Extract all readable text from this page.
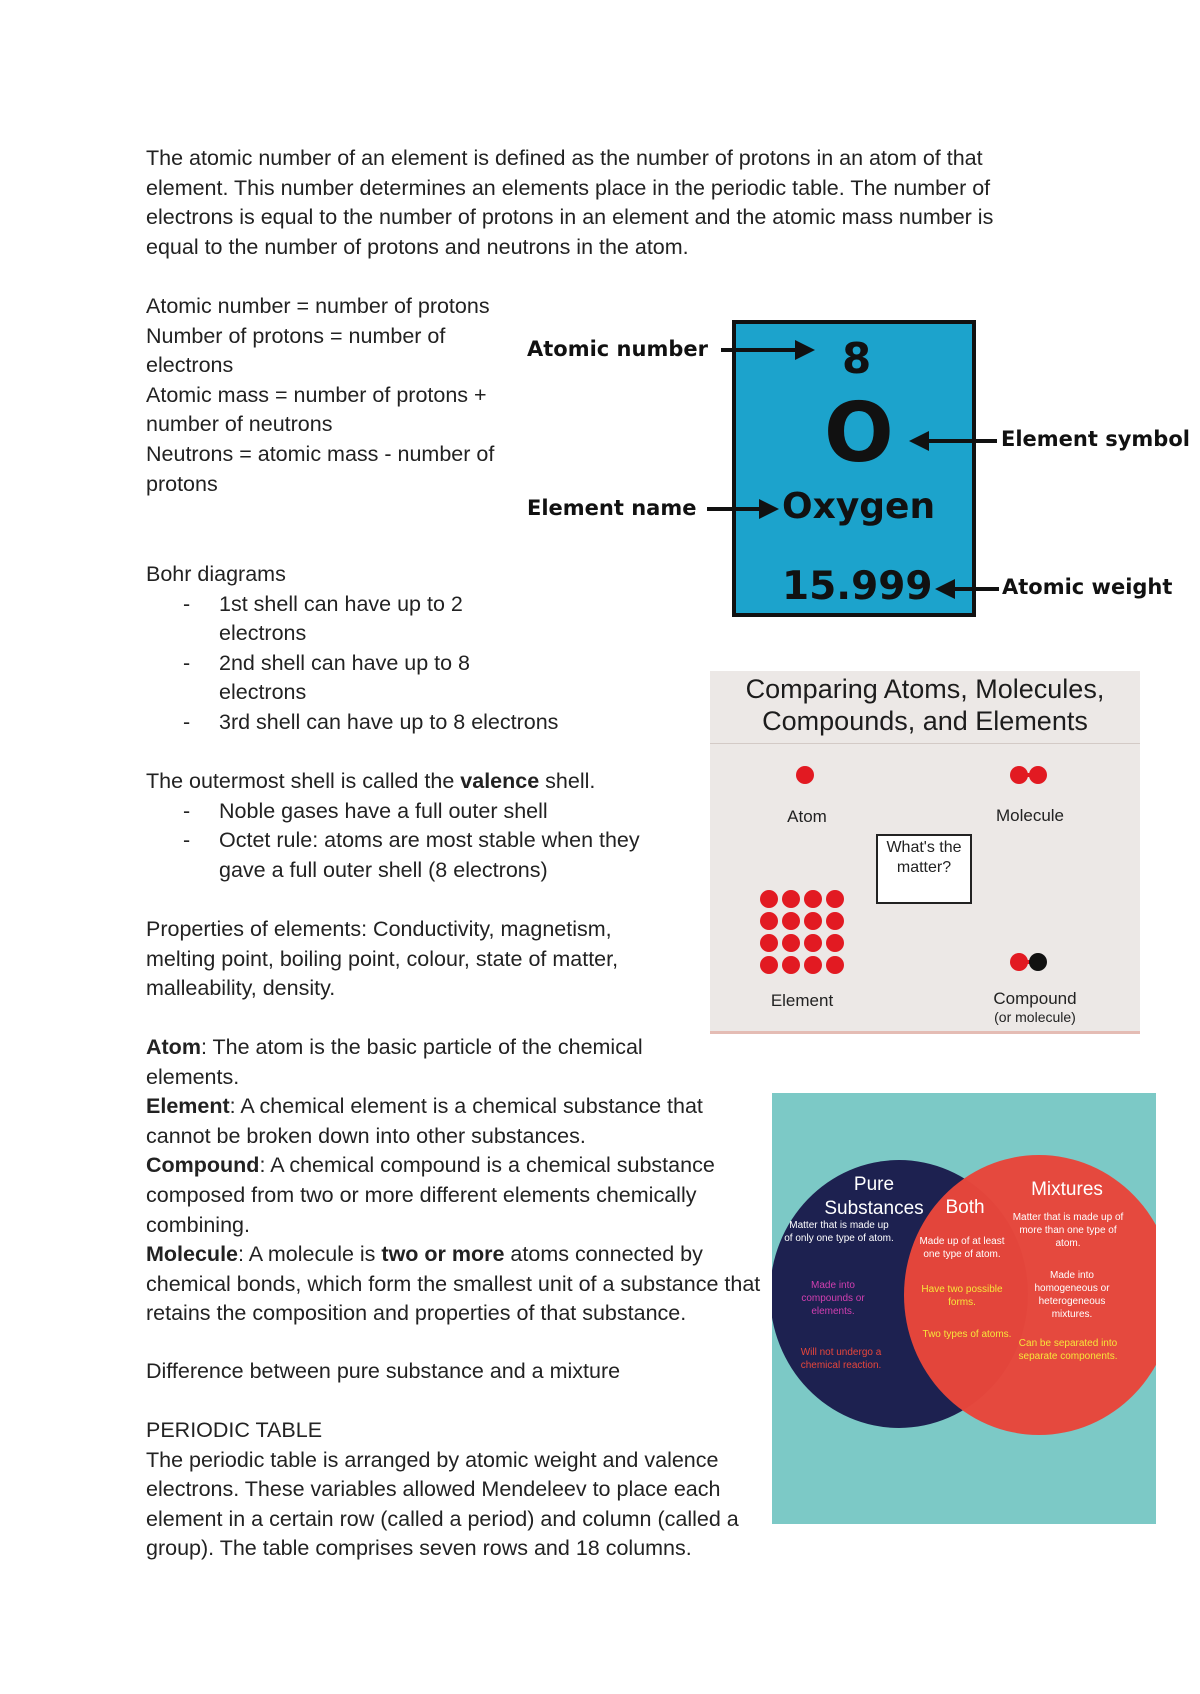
The atomic number of an element is defined as the number of protons in an atom of that element. This number determines an elements place in the periodic table. The number of electrons is equal to the number of protons in an element and the atomic mass number is equal to the number of protons and neutrons in the atom.

Atomic number = number of protons

Number of protons = number of electrons

Atomic mass = number of protons + number of neutrons

Neutrons = atomic mass - number of protons

Bohr diagrams

- 1st shell can have up to 2 electrons

- 2nd shell can have up to 8 electrons

- 3rd shell can have up to 8 electrons

The outermost shell is called the valence shell.

- Noble gases have a full outer shell

- Octet rule: atoms are most stable when they gave a full outer shell (8 electrons)

Properties of elements: Conductivity, magnetism, melting point, boiling point, colour, state of matter, malleability, density.

Atom: The atom is the basic particle of the chemical elements.

Element: A chemical element is a chemical substance that cannot be broken down into other substances.

Compound: A chemical compound is a chemical substance composed from two or more different elements chemically combining.

Molecule: A molecule is two or more atoms connected by chemical bonds, which form the smallest unit of a substance that retains the composition and properties of that substance.

Difference between pure substance and a mixture

PERIODIC TABLE

The periodic table is arranged by atomic weight and valence electrons. These variables allowed Mendeleev to place each element in a certain row (called a period) and column (called a group). The table comprises seven rows and 18 columns.

8
O
Oxygen
15.999
Atomic number
Element symbol
Element name
Atomic weight
Comparing Atoms, Molecules,
Compounds, and Elements
Atom	Molecule
What's the matter?
Element	Compound
(or molecule)
Pure
Substances	Both
Mixtures
Matter that is made up of only one type of atom.
Made into compounds or elements.
Will not undergo a chemical reaction.
Made up of at least one type of atom.
Have two possible forms.
Two types of atoms.
Matter that is made up of more than one type of atom.
Made into homogeneous or heterogeneous mixtures.
Can be separated into separate components.
